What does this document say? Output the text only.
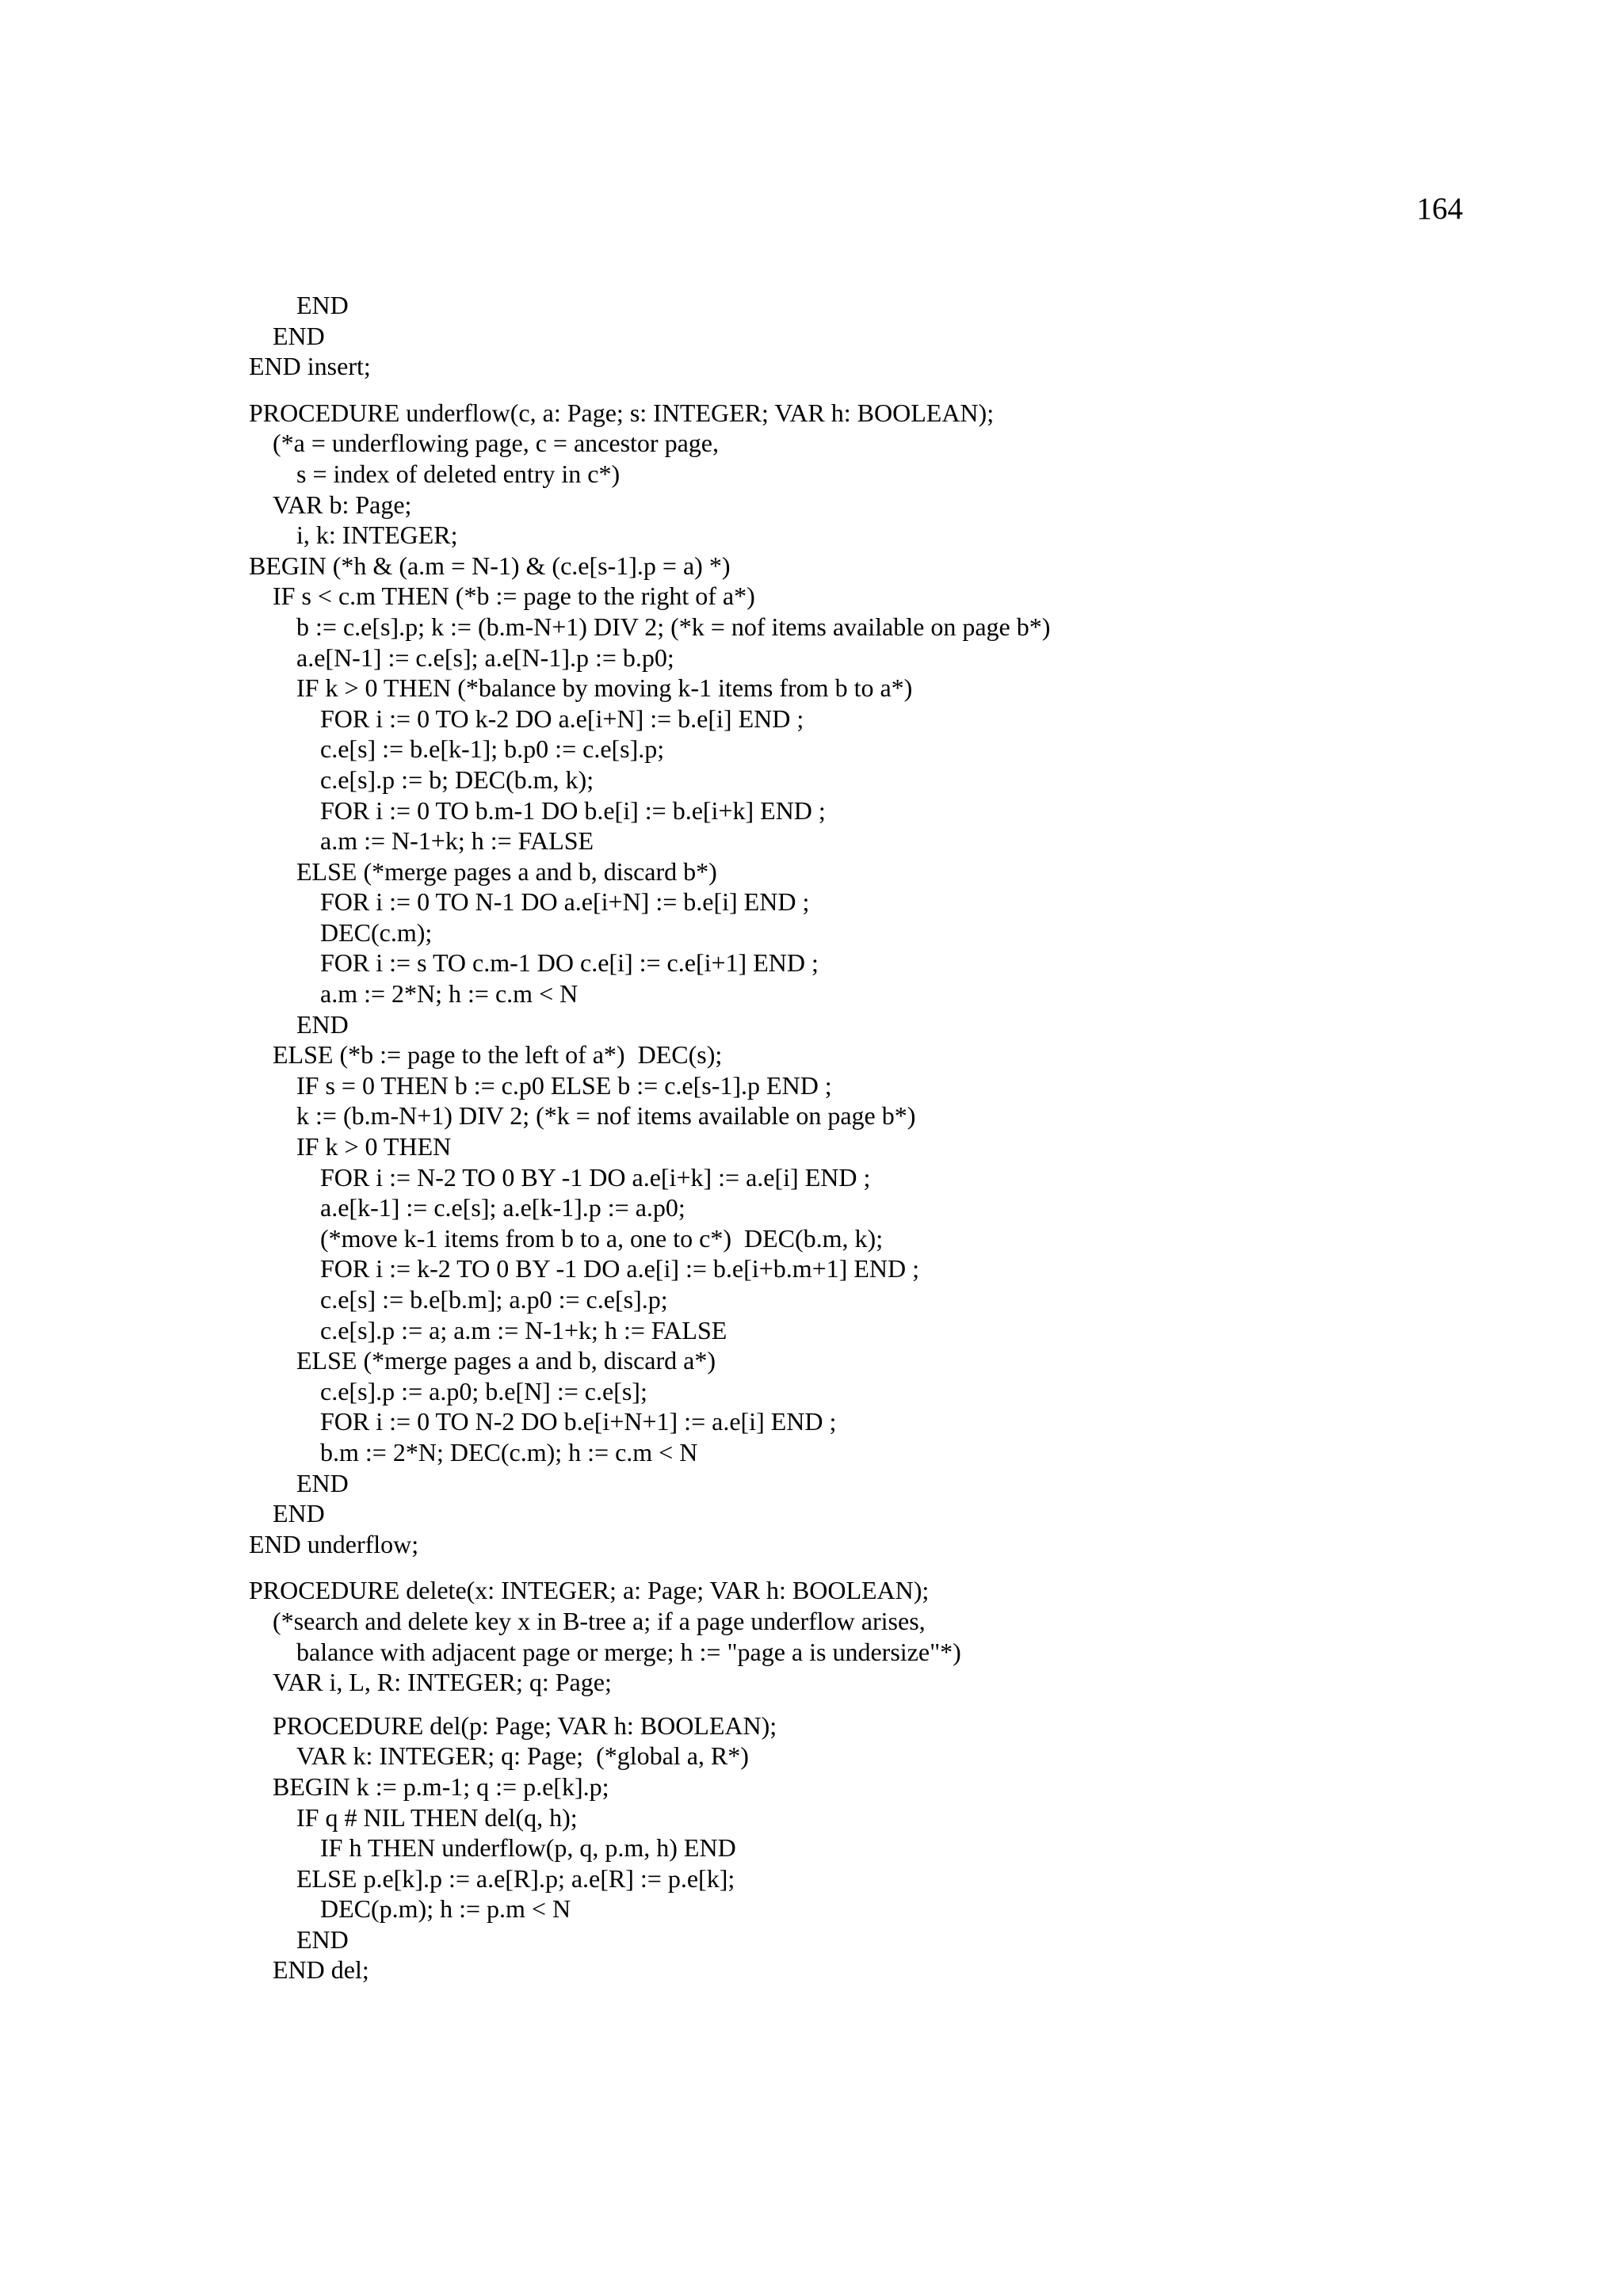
164
END
END
END insert;
PROCEDURE underflow(c, a: Page; s: INTEGER; VAR h: BOOLEAN);
(*a = underflowing page, c = ancestor page,
s = index of deleted entry in c*)
VAR b: Page;
i, k: INTEGER;
BEGIN (*h & (a.m = N-1) & (c.e[s-1].p = a) *)
IF s < c.m THEN (*b := page to the right of a*)
b := c.e[s].p; k := (b.m-N+1) DIV 2; (*k = nof items available on page b*)
a.e[N-1] := c.e[s]; a.e[N-1].p := b.p0;
IF k > 0 THEN (*balance by moving k-1 items from b to a*)
FOR i := 0 TO k-2 DO a.e[i+N] := b.e[i] END ;
c.e[s] := b.e[k-1]; b.p0 := c.e[s].p;
c.e[s].p := b; DEC(b.m, k);
FOR i := 0 TO b.m-1 DO b.e[i] := b.e[i+k] END ;
a.m := N-1+k; h := FALSE
ELSE (*merge pages a and b, discard b*)
FOR i := 0 TO N-1 DO a.e[i+N] := b.e[i] END ;
DEC(c.m);
FOR i := s TO c.m-1 DO c.e[i] := c.e[i+1] END ;
a.m := 2*N; h := c.m < N
END
ELSE (*b := page to the left of a*)  DEC(s);
IF s = 0 THEN b := c.p0 ELSE b := c.e[s-1].p END ;
k := (b.m-N+1) DIV 2; (*k = nof items available on page b*)
IF k > 0 THEN
FOR i := N-2 TO 0 BY -1 DO a.e[i+k] := a.e[i] END ;
a.e[k-1] := c.e[s]; a.e[k-1].p := a.p0;
(*move k-1 items from b to a, one to c*)  DEC(b.m, k);
FOR i := k-2 TO 0 BY -1 DO a.e[i] := b.e[i+b.m+1] END ;
c.e[s] := b.e[b.m]; a.p0 := c.e[s].p;
c.e[s].p := a; a.m := N-1+k; h := FALSE
ELSE (*merge pages a and b, discard a*)
c.e[s].p := a.p0; b.e[N] := c.e[s];
FOR i := 0 TO N-2 DO b.e[i+N+1] := a.e[i] END ;
b.m := 2*N; DEC(c.m); h := c.m < N
END
END
END underflow;
PROCEDURE delete(x: INTEGER; a: Page; VAR h: BOOLEAN);
(*search and delete key x in B-tree a; if a page underflow arises,
balance with adjacent page or merge; h := "page a is undersize"*)
VAR i, L, R: INTEGER; q: Page;
PROCEDURE del(p: Page; VAR h: BOOLEAN);
VAR k: INTEGER; q: Page;  (*global a, R*)
BEGIN k := p.m-1; q := p.e[k].p;
IF q # NIL THEN del(q, h);
IF h THEN underflow(p, q, p.m, h) END
ELSE p.e[k].p := a.e[R].p; a.e[R] := p.e[k];
DEC(p.m); h := p.m < N
END
END del;
